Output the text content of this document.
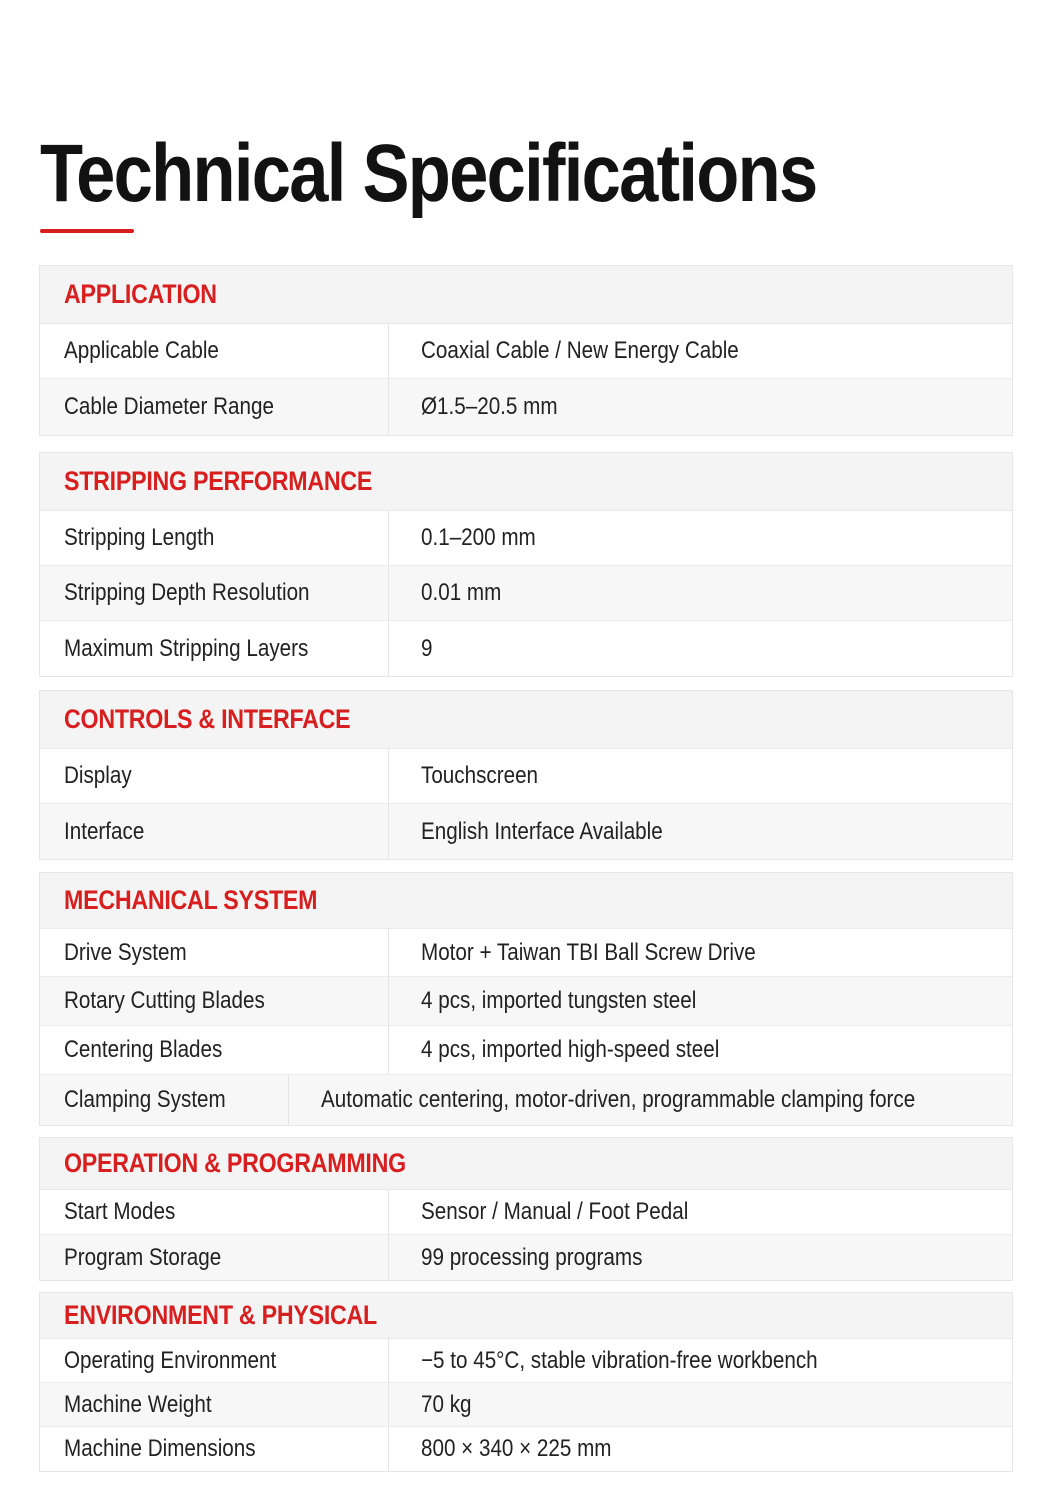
Technical Specifications
APPLICATION
Applicable Cable	Coaxial Cable / New Energy Cable
Cable Diameter Range	Ø1.5–20.5 mm
STRIPPING PERFORMANCE
Stripping Length	0.1–200 mm
Stripping Depth Resolution	0.01 mm
Maximum Stripping Layers	9
CONTROLS & INTERFACE
Display	Touchscreen
Interface	English Interface Available
MECHANICAL SYSTEM
Drive System	Motor + Taiwan TBI Ball Screw Drive
Rotary Cutting Blades	4 pcs, imported tungsten steel
Centering Blades	4 pcs, imported high-speed steel
Clamping System	Automatic centering, motor-driven, programmable clamping force
OPERATION & PROGRAMMING
Start Modes	Sensor / Manual / Foot Pedal
Program Storage	99 processing programs
ENVIRONMENT & PHYSICAL
Operating Environment	−5 to 45°C, stable vibration-free workbench
Machine Weight	70 kg
Machine Dimensions	800 × 340 × 225 mm
